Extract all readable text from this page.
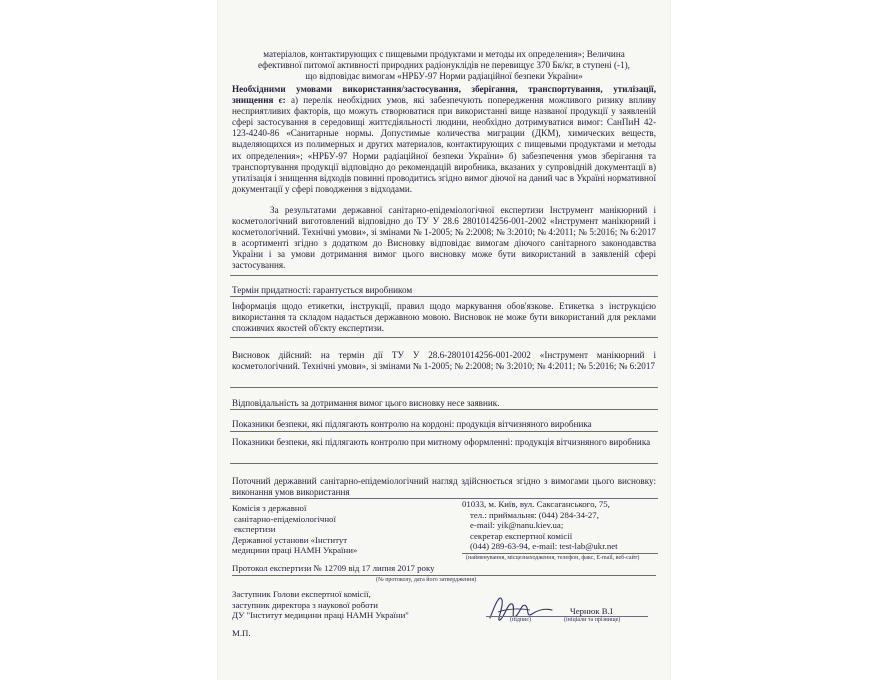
матеріалов, контактирующих с пищевыми продуктами и методы их определения»; Величина
ефективної питомої активності природних радіонуклідів не перевищує 370 Бк/кг, в ступені (-1),
що відповідає вимогам «НРБУ-97 Норми радіаційної безпеки України»

Необхідними умовами використання/застосування, зберігання, транспортування, утилізації, знищення є: а) перелік необхідних умов, які забезпечують попередження можливого ризику впливу несприятливих факторів, що можуть створюватися при використанні вище названої продукції у заявленій сфері застосування в середовищі життєдіяльності людини, необхідно дотримуватися вимог: СанПиН 42-123-4240-86 «Санитарные нормы. Допустимые количества миграции (ДКМ), химических веществ, выделяющихся из полимерных и других материалов, контактирующих с пищевыми продуктами и методы их определения»; «НРБУ-97 Норми радіаційної безпеки України» б) забезпечення умов зберігання та транспортування продукції відповідно до рекомендацій виробника, вказаних у супровідній документації в) утилізація і знищення відходів повинні проводитись згідно вимог діючої на даний час в Україні нормативної документації у сфері поводження з відходами.

За результатами державної санітарно-епідеміологічної експертизи Інструмент манікюрний і косметологічний виготовлений відповідно до ТУ У 28.6 2801014256-001-2002 «Інструмент манікюрний і косметологічний. Технічні умови», зі змінами № 1-2005; № 2:2008; № 3:2010; № 4:2011; № 5:2016; № 6:2017 в асортименті згідно з додатком до Висновку відповідає вимогам діючого санітарного законодавства України і за умови дотримання вимог цього висновку може бути використаний в заявленій сфері застосування.

Термін придатності: гарантується виробником

Інформація щодо етикетки, інструкції, правил щодо маркування обов'язкове. Етикетка з інструкцією використання та складом надається державною мовою. Висновок не може бути використаний для реклами споживчих якостей об'єкту експертизи.

Висновок дійсний: на термін дії ТУ У 28.6-2801014256-001-2002 «Інструмент манікюрний і косметологічний. Технічні умови», зі змінами № 1-2005; № 2:2008; № 3:2010; № 4:2011; № 5:2016; № 6:2017

Відповідальність за дотримання вимог цього висновку несе заявник.
Показники безпеки, які підлягають контролю на кордоні: продукція вітчизняного виробника

Показники безпеки, які підлягають контролю при митному оформленні: продукція вітчизняного виробника

Поточний державний санітарно-епідеміологічний нагляд здійснюється згідно з вимогами цього висновку: виконання умов використання

Комісія з державної
санітарно-епідеміологічної
експертизи
Державної установи «Інститут
медицини праці НАМН України»
01033, м. Київ, вул. Саксаганського, 75,
тел.: приймальня: (044) 284-34-27,
e-mail: yik@nanu.kiev.ua;
секретар експертної комісії
(044) 289-63-94, e-mail: test-lab@ukr.net
(найменування, місцезнаходження, телефон, факс, E-mail, веб-сайт)
Протокол експертизи № 12709 від 17 липня 2017 року
(№ протоколу, дата його затвердження)
Заступник Голови експертної комісії,
заступник директора з наукової роботи
ДУ "Інститут медицини праці НАМН України"	(підпис)
Чернюк В.І
(ініціали та прізвище)
М.П.
